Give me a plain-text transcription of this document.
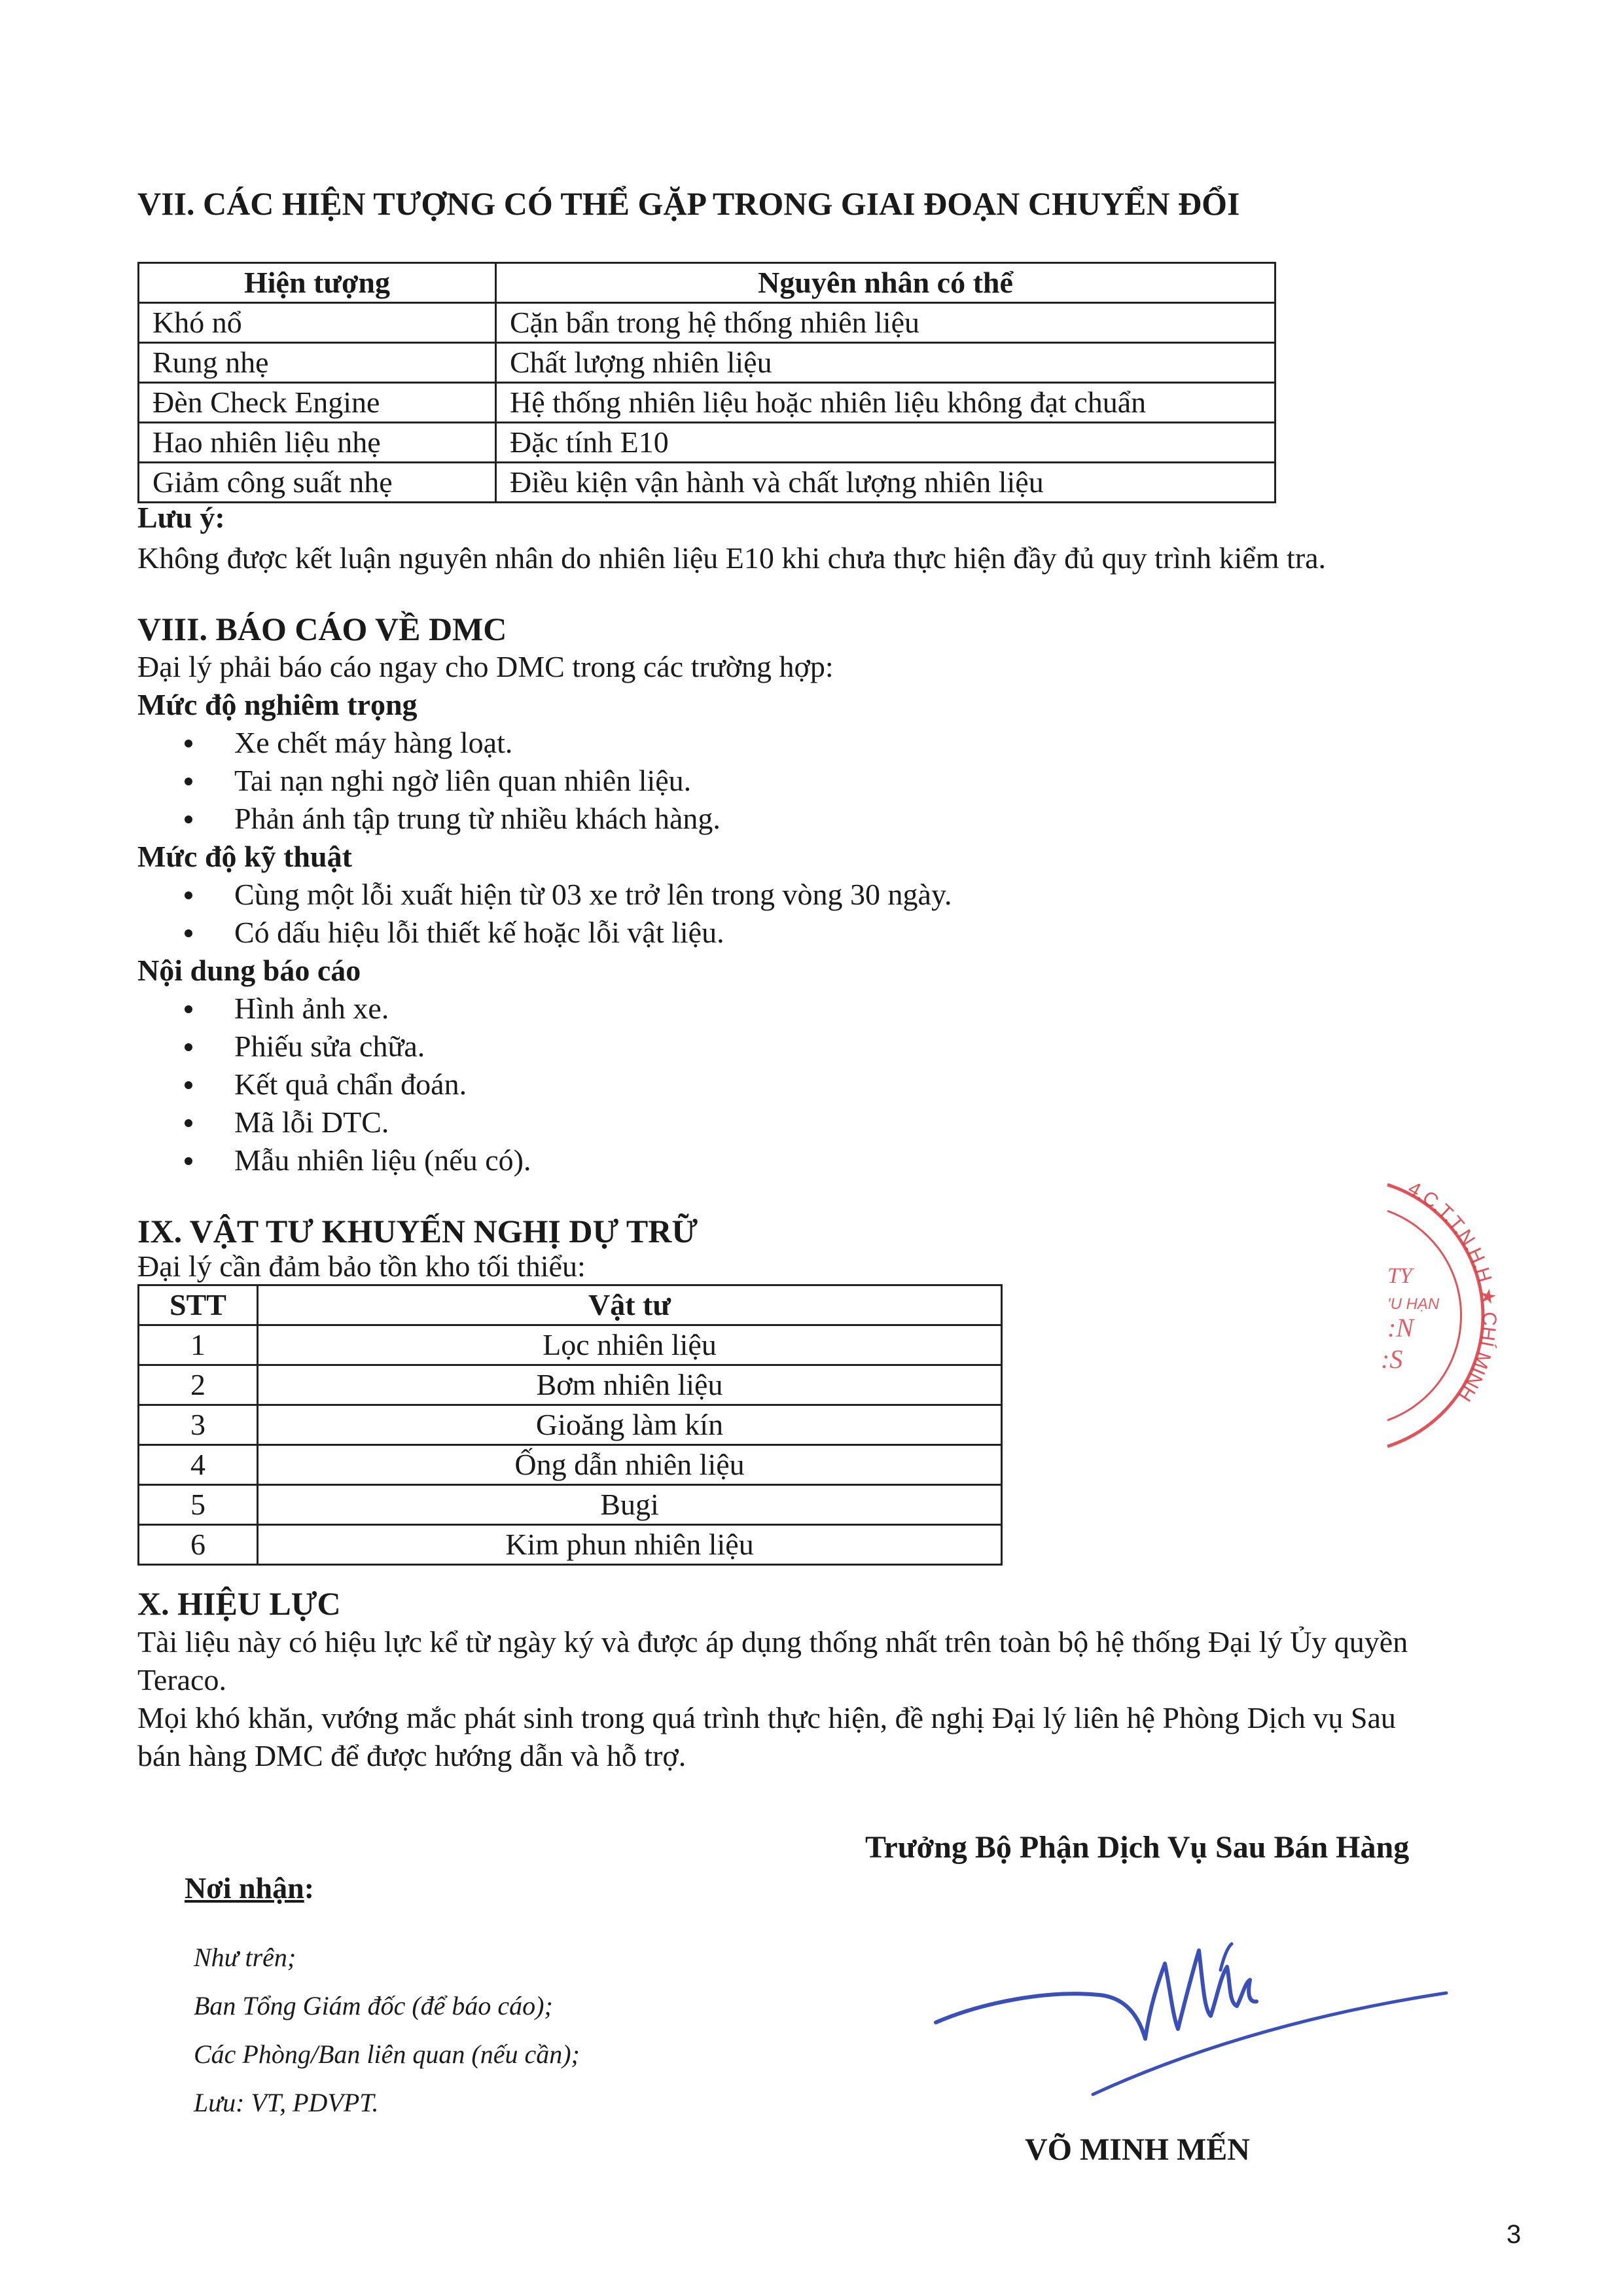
VII. CÁC HIỆN TƯỢNG CÓ THỂ GẶP TRONG GIAI ĐOẠN CHUYỂN ĐỔI
Hiện tượng	Nguyên nhân có thể
Khó nổ	Cặn bẩn trong hệ thống nhiên liệu
Rung nhẹ	Chất lượng nhiên liệu
Đèn Check Engine	Hệ thống nhiên liệu hoặc nhiên liệu không đạt chuẩn
Hao nhiên liệu nhẹ	Đặc tính E10
Giảm công suất nhẹ	Điều kiện vận hành và chất lượng nhiên liệu

Lưu ý:

Không được kết luận nguyên nhân do nhiên liệu E10 khi chưa thực hiện đầy đủ quy trình kiểm tra.

VIII. BÁO CÁO VỀ DMC

Đại lý phải báo cáo ngay cho DMC trong các trường hợp:

Mức độ nghiêm trọng

Xe chết máy hàng loạt.
Tai nạn nghi ngờ liên quan nhiên liệu.
Phản ánh tập trung từ nhiều khách hàng.

Mức độ kỹ thuật

Cùng một lỗi xuất hiện từ 03 xe trở lên trong vòng 30 ngày.
Có dấu hiệu lỗi thiết kế hoặc lỗi vật liệu.

Nội dung báo cáo

Hình ảnh xe.
Phiếu sửa chữa.
Kết quả chẩn đoán.
Mã lỗi DTC.
Mẫu nhiên liệu (nếu có).
IX. VẬT TƯ KHUYẾN NGHỊ DỰ TRỮ

Đại lý cần đảm bảo tồn kho tối thiểu:

STT	Vật tư
1	Lọc nhiên liệu
2	Bơm nhiên liệu
3	Gioăng làm kín
4	Ống dẫn nhiên liệu
5	Bugi
6	Kim phun nhiên liệu
4.C.T.T.N.H.H ★ CHÍ MINH
TY
'U HẠN
:N
:S
X. HIỆU LỰC

Tài liệu này có hiệu lực kể từ ngày ký và được áp dụng thống nhất trên toàn bộ hệ thống Đại lý Ủy quyền

Teraco.

Mọi khó khăn, vướng mắc phát sinh trong quá trình thực hiện, đề nghị Đại lý liên hệ Phòng Dịch vụ Sau

bán hàng DMC để được hướng dẫn và hỗ trợ.

Trưởng Bộ Phận Dịch Vụ Sau Bán Hàng

Nơi nhận:

Như trên;
Ban Tổng Giám đốc (để báo cáo);
Các Phòng/Ban liên quan (nếu cần);
Lưu: VT, PDVPT.

VÕ MINH MẾN

3
